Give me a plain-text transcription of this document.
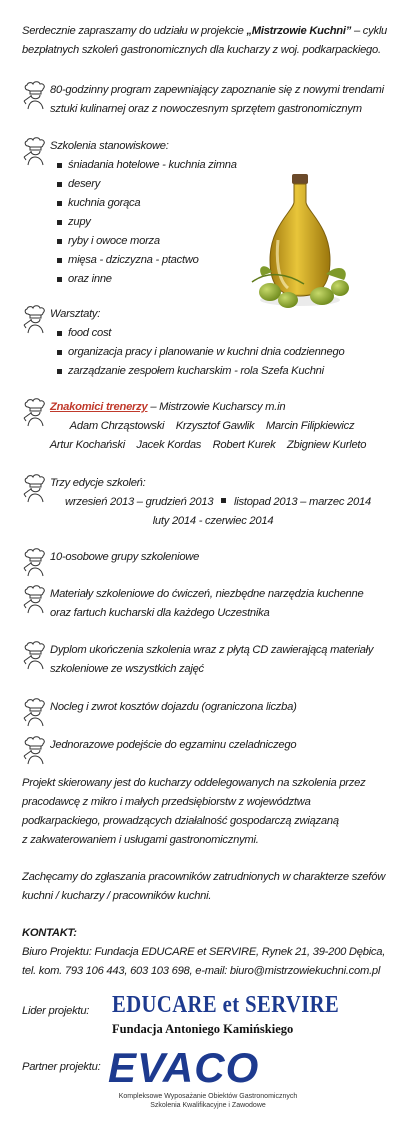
Serdecznie zapraszamy do udziału w projekcie „Mistrzowie Kuchni” – cyklu
bezpłatnych szkoleń gastronomicznych dla kucharzy z woj. podkarpackiego.
80-godzinny program zapewniający zapoznanie się z nowymi trendami
sztuki kulinarnej oraz z nowoczesnym sprzętem gastronomicznym
Szkolenia stanowiskowe:
śniadania hotelowe - kuchnia zimna
desery
kuchnia gorąca
zupy
ryby i owoce morza
mięsa - dziczyzna - ptactwo
oraz inne
Warsztaty:
food cost
organizacja pracy i planowanie w kuchni dnia codziennego
zarządzanie zespołem kucharskim - rola Szefa Kuchni
Znakomici trenerzy – Mistrzowie Kucharscy m.in
Adam Chrząstowski    Krzysztof Gawlik    Marcin Filipkiewicz
Artur Kochański    Jacek Kordas    Robert Kurek    Zbigniew Kurleto
Trzy edycje szkoleń:
wrzesień 2013 – grudzień 2013 listopad 2013 – marzec 2014
luty 2014 - czerwiec 2014
10-osobowe grupy szkoleniowe
Materiały szkoleniowe do ćwiczeń, niezbędne narzędzia kuchenne
oraz fartuch kucharski dla każdego Uczestnika
Dyplom ukończenia szkolenia wraz z płytą CD zawierającą materiały
szkoleniowe ze wszystkich zajęć
Nocleg i zwrot kosztów dojazdu (ograniczona liczba)
Jednorazowe podejście do egzaminu czeladniczego
Projekt skierowany jest do kucharzy oddelegowanych na szkolenia przez
pracodawcę z mikro i małych przedsiębiorstw z województwa
podkarpackiego, prowadzących działalność gospodarczą związaną
z zakwaterowaniem i usługami gastronomicznymi.
Zachęcamy do zgłaszania pracowników zatrudnionych w charakterze szefów
kuchni / kucharzy / pracowników kuchni.
KONTAKT:
Biuro Projektu: Fundacja EDUCARE et SERVIRE, Rynek 21, 39-200 Dębica,
tel. kom. 793 106 443, 603 103 698, e-mail: biuro@mistrzowiekuchni.com.pl
Lider projektu: EDUCARE et SERVIRE
Fundacja Antoniego Kamińskiego
Partner projektu: EVACO
Kompleksowe Wyposażanie Obiektów Gastronomicznych
Szkolenia Kwalifikacyjne i Zawodowe
